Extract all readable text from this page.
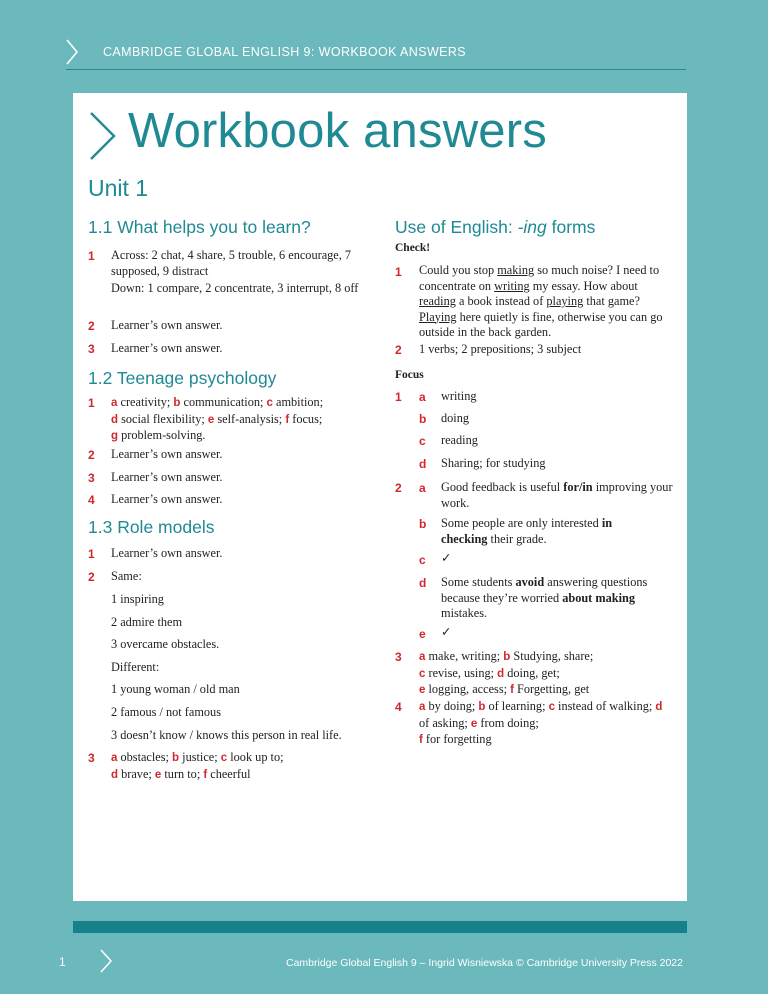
CAMBRIDGE GLOBAL ENGLISH 9: WORKBOOK ANSWERS
Workbook answers
Unit 1
1.1 What helps you to learn?
1 Across: 2 chat, 4 share, 5 trouble, 6 encourage, 7 supposed, 9 distract
Down: 1 compare, 2 concentrate, 3 interrupt, 8 off
2 Learner’s own answer.
3 Learner’s own answer.
1.2 Teenage psychology
1 a creativity; b communication; c ambition;
d social flexibility; e self-analysis; f focus;
g problem-solving.
2 Learner’s own answer.
3 Learner’s own answer.
4 Learner’s own answer.
1.3 Role models
1 Learner’s own answer.
2 Same:
1 inspiring
2 admire them
3 overcame obstacles.
Different:
1 young woman / old man
2 famous / not famous
3 doesn’t know / knows this person in real life.
3 a obstacles; b justice; c look up to;
d brave; e turn to; f cheerful
Use of English: -ing forms
Check!
1 Could you stop making so much noise? I need to concentrate on writing my essay. How about reading a book instead of playing that game? Playing here quietly is fine, otherwise you can go outside in the back garden.
2 1 verbs; 2 prepositions; 3 subject
Focus
1 a writing
b doing
c reading
d Sharing; for studying
2 a Good feedback is useful for/in improving your work.
b Some people are only interested in checking their grade.
c ✓
d Some students avoid answering questions because they’re worried about making mistakes.
e ✓
3 a make, writing; b Studying, share;
c revise, using; d doing, get;
e logging, access; f Forgetting, get
4 a by doing; b of learning; c instead of walking; d of asking; e from doing;
f for forgetting
1	Cambridge Global English 9 – Ingrid Wisniewska © Cambridge University Press 2022
